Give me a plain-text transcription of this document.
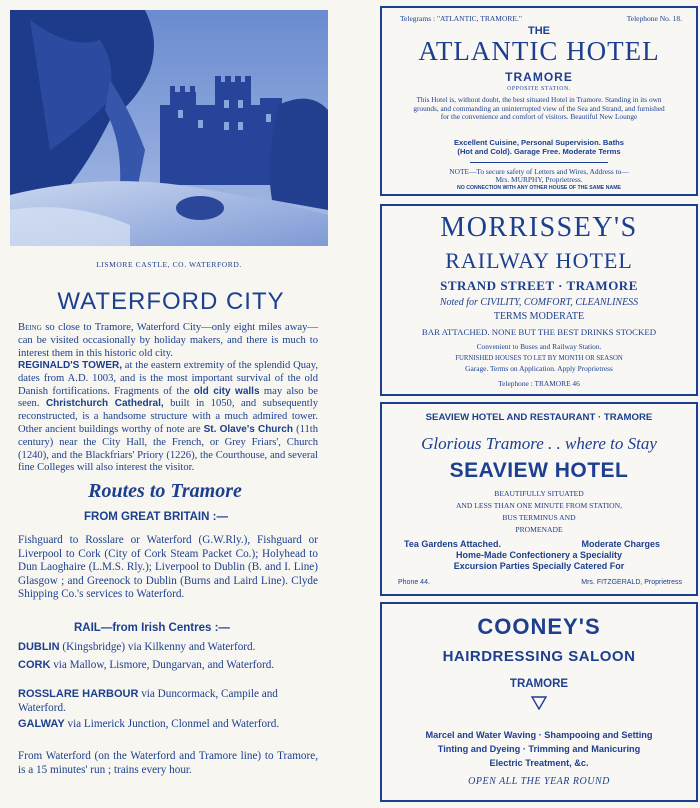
LISMORE CASTLE, CO. WATERFORD.
WATERFORD CITY

Being so close to Tramore, Waterford City—only eight miles away—can be visited occasionally by holiday makers, and there is much to interest them in this historic old city.

REGINALD'S TOWER, at the eastern extremity of the splendid Quay, dates from A.D. 1003, and is the most important survival of the old Danish fortifications. Fragments of the old city walls may also be seen. Christchurch Cathedral, built in 1050, and subsequently reconstructed, is a handsome structure with a much admired tower. Other ancient buildings worthy of note are St. Olave's Church (11th century) near the City Hall, the French, or Grey Friars', Church (1240), and the Blackfriars' Priory (1226), the Courthouse, and several fine Colleges will also interest the visitor.

Routes to Tramore
FROM GREAT BRITAIN :—

Fishguard to Rosslare or Waterford (G.W.Rly.), Fishguard or Liverpool to Cork (City of Cork Steam Packet Co.); Holyhead to Dun Laoghaire (L.M.S. Rly.); Liverpool to Dublin (B. and I. Line) Glasgow ; and Greenock to Dublin (Burns and Laird Line). Clyde Shipping Co.'s services to Waterford.

RAIL—from Irish Centres :—

DUBLIN (Kingsbridge) via Kilkenny and Waterford.

CORK via Mallow, Lismore, Dungarvan, and Waterford.

ROSSLARE HARBOUR via Duncormack, Campile and Waterford.

GALWAY via Limerick Junction, Clonmel and Waterford.

From Waterford (on the Waterford and Tramore line) to Tramore, is a 15 minutes' run ; trains every hour.

Telegrams : "ATLANTIC, TRAMORE."	Telephone No. 18.
THE
ATLANTIC HOTEL
TRAMORE
OPPOSITE STATION.
This Hotel is, without doubt, the best situated Hotel in Tramore. Standing in its own grounds, and commanding an uninterrupted view of the Sea and Strand, and furnished for the convenience and comfort of visitors. Beautiful New Lounge
Excellent Cuisine, Personal Supervision. Baths
(Hot and Cold). Garage Free. Moderate Terms
NOTE—To secure safety of Letters and Wires, Address to—
Mrs. MURPHY, Proprietress.
NO CONNECTION WITH ANY OTHER HOUSE OF THE SAME NAME
MORRISSEY'S
RAILWAY HOTEL
STRAND STREET · TRAMORE
Noted for CIVILITY, COMFORT, CLEANLINESS
TERMS MODERATE
BAR ATTACHED. NONE BUT THE BEST DRINKS STOCKED
Convenient to Buses and Railway Station.
FURNISHED HOUSES TO LET BY MONTH OR SEASON
Garage. Terms on Application. Apply Proprietress
Telephone : TRAMORE 46
SEAVIEW HOTEL AND RESTAURANT · TRAMORE
Glorious Tramore . . where to Stay
SEAVIEW HOTEL
BEAUTIFULLY SITUATED
AND LESS THAN ONE MINUTE FROM STATION,
BUS TERMINUS AND
PROMENADE
Tea Gardens Attached.	Moderate Charges
Home-Made Confectionery a Speciality
Excursion Parties Specially Catered For
Phone 44.	Mrs. FITZGERALD, Proprietress
COONEY'S
HAIRDRESSING SALOON
TRAMORE
Marcel and Water Waving · Shampooing and Setting
Tinting and Dyeing · Trimming and Manicuring
Electric Treatment, &c.
OPEN ALL THE YEAR ROUND
